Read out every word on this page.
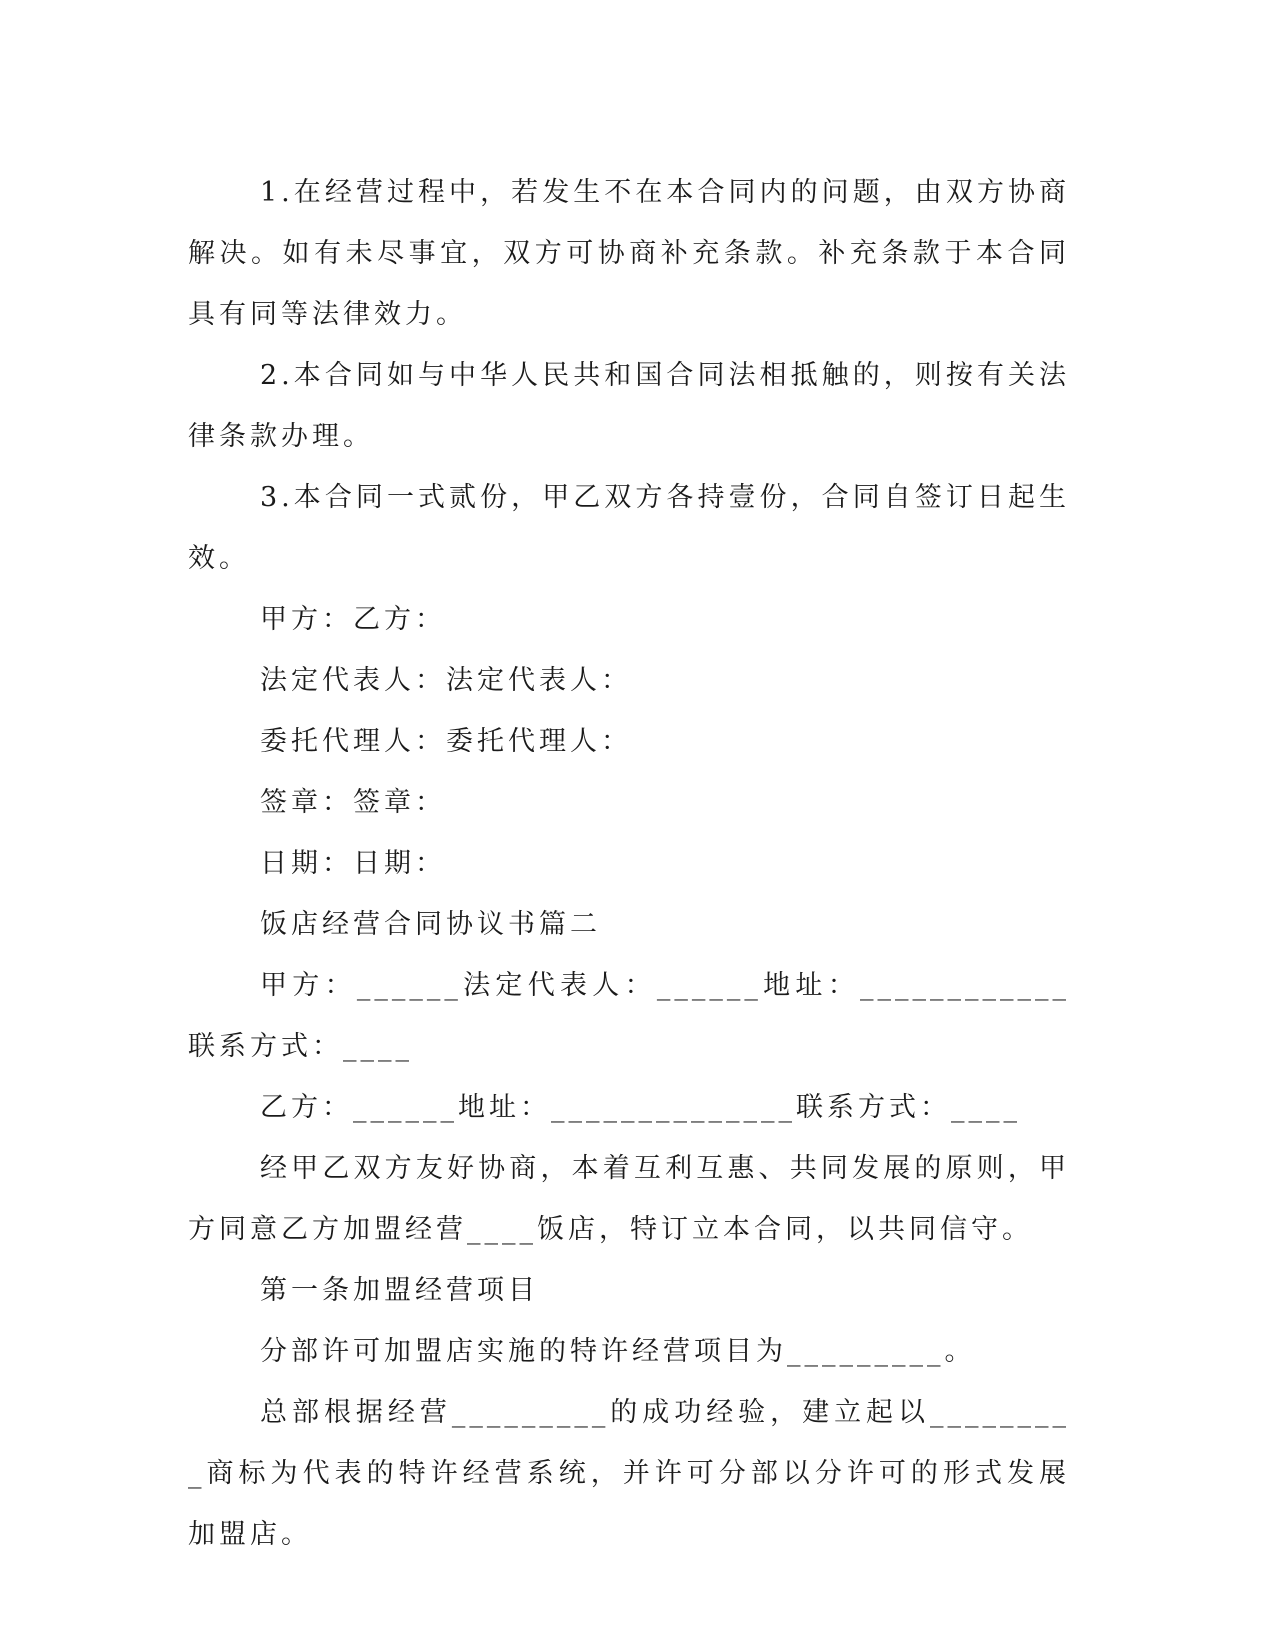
1.在经营过程中，若发生不在本合同内的问题，由双方协商解决。如有未尽事宜，双方可协商补充条款。补充条款于本合同具有同等法律效力。

2.本合同如与中华人民共和国合同法相抵触的，则按有关法律条款办理。

3.本合同一式贰份，甲乙双方各持壹份，合同自签订日起生效。

甲方：乙方：

法定代表人：法定代表人：

委托代理人：委托代理人：

签章：签章：

日期：日期：

饭店经营合同协议书篇二

甲方：______法定代表人：______地址：____________联系方式：____

乙方：______地址：______________联系方式：____

经甲乙双方友好协商，本着互利互惠、共同发展的原则，甲方同意乙方加盟经营____饭店，特订立本合同，以共同信守。

第一条加盟经营项目

分部许可加盟店实施的特许经营项目为_________。

总部根据经营_________的成功经验，建立起以_________商标为代表的特许经营系统，并许可分部以分许可的形式发展加盟店。
